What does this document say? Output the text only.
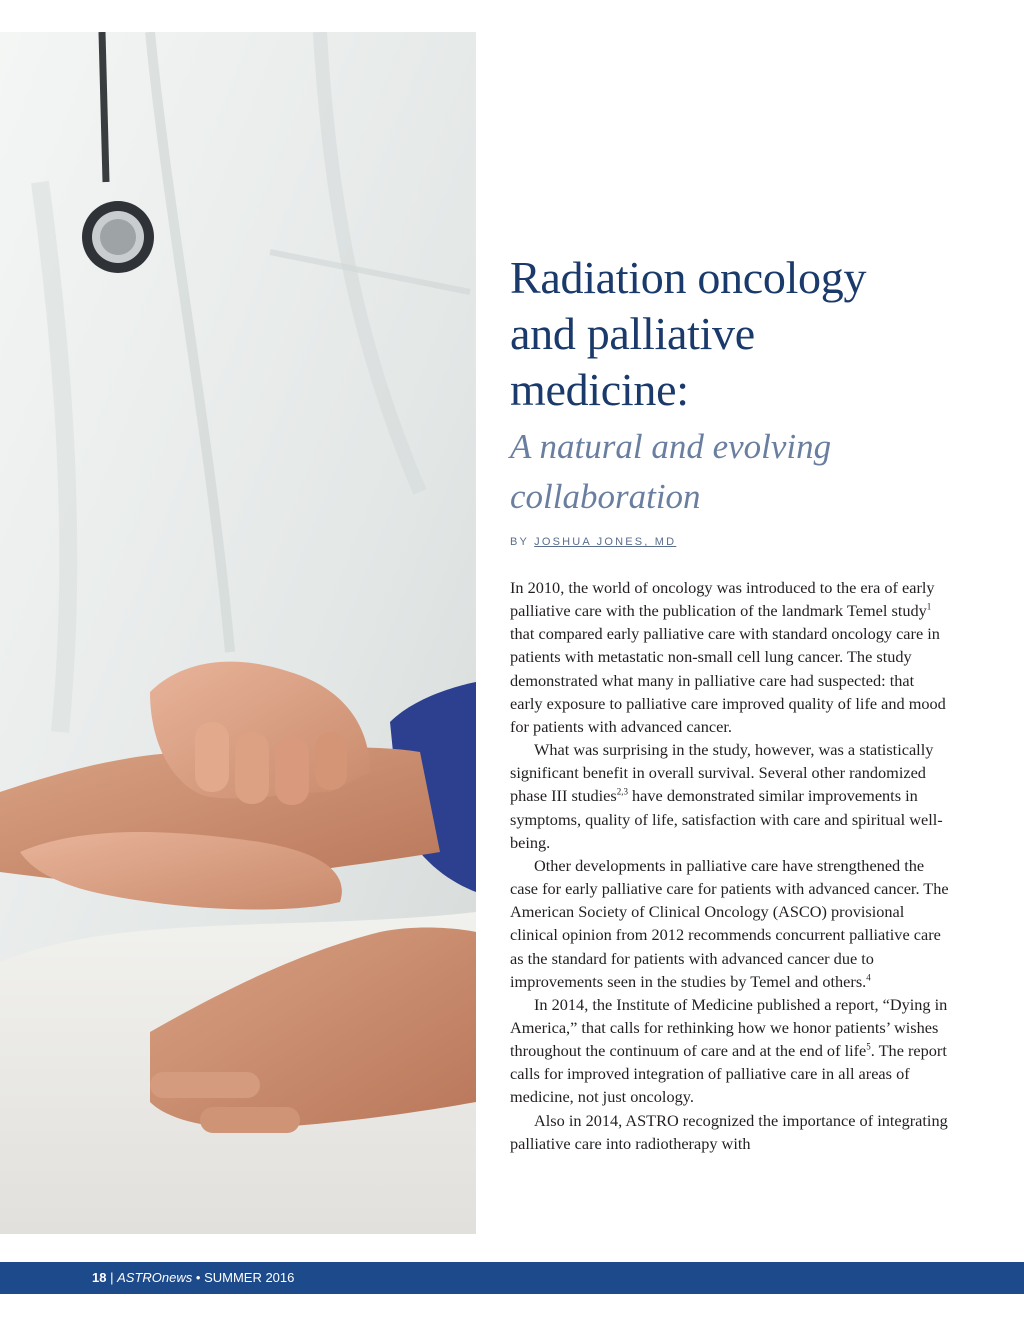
Radiation oncology
and palliative
medicine:
A natural and evolving
collaboration
BY JOSHUA JONES, MD

In 2010, the world of oncology was introduced to the era of early palliative care with the publication of the landmark Temel study$^1$ that compared early palliative care with standard oncology care in patients with metastatic non-small cell lung cancer. The study demonstrated what many in palliative care had suspected: that early exposure to palliative care improved quality of life and mood for patients with advanced cancer.

What was surprising in the study, however, was a statistically significant benefit in overall survival. Several other randomized phase III studies$^{2,3}$ have demonstrated similar improvements in symptoms, quality of life, satisfaction with care and spiritual well-being.

Other developments in palliative care have strengthened the case for early palliative care for patients with advanced cancer. The American Society of Clinical Oncology (ASCO) provisional clinical opinion from 2012 recommends concurrent palliative care as the standard for patients with advanced cancer due to improvements seen in the studies by Temel and others.$^4$

In 2014, the Institute of Medicine published a report, “Dying in America,” that calls for rethinking how we honor patients’ wishes throughout the continuum of care and at the end of life$^5$. The report calls for improved integration of palliative care in all areas of medicine, not just oncology.

Also in 2014, ASTRO recognized the importance of integrating palliative care into radiotherapy with

18 | ASTROnews • SUMMER 2016
